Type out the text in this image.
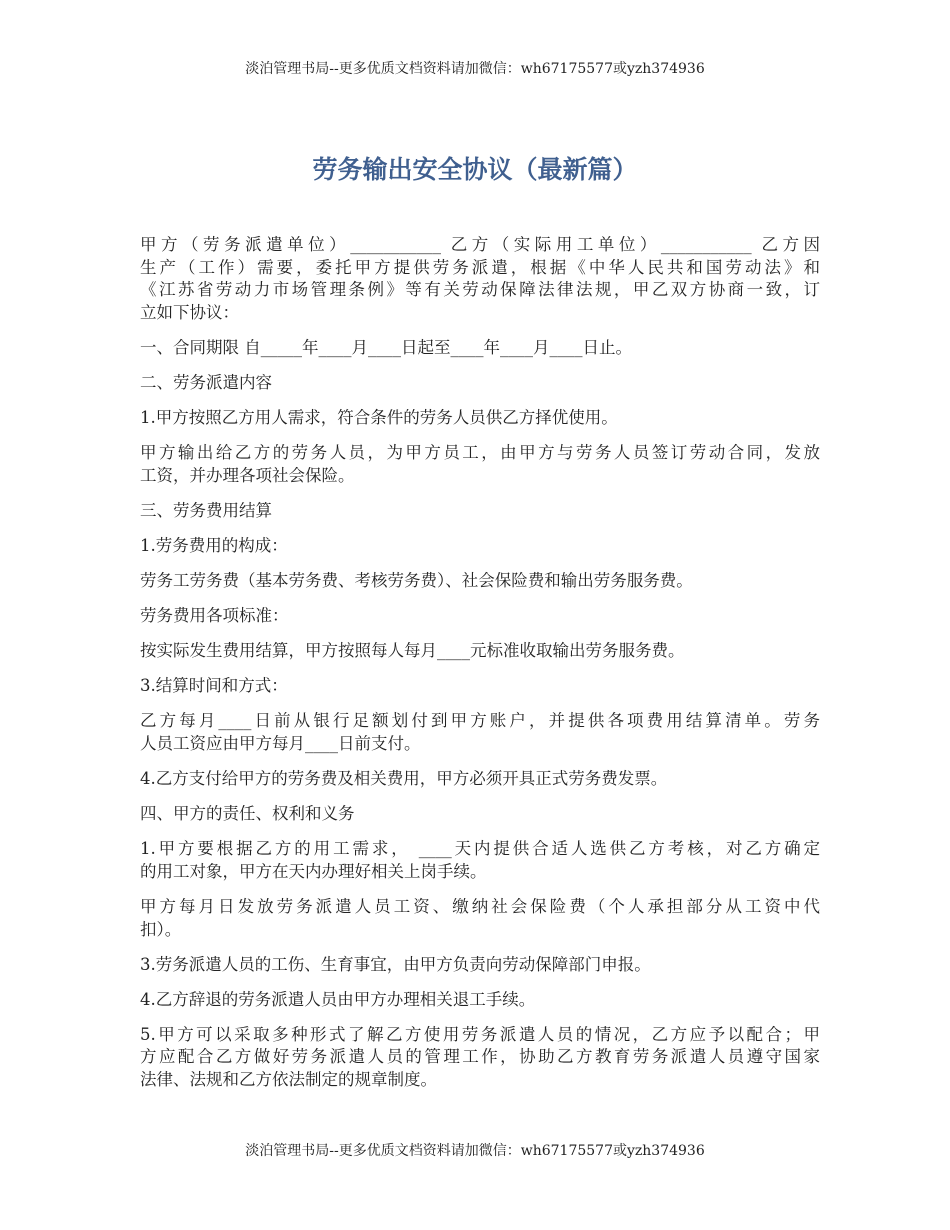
淡泊管理书局--更多优质文档资料请加微信：wh67175577或yzh374936
劳务输出安全协议（最新篇）

甲方（劳务派遣单位）___________ 乙方（实际用工单位）___________ 乙方因
生产（工作）需要，委托甲方提供劳务派遣，根据《中华人民共和国劳动法》和
《江苏省劳动力市场管理条例》等有关劳动保障法律法规，甲乙双方协商一致，订
立如下协议：

一、合同期限 自_____年____月____日起至____年____月____日止。

二、劳务派遣内容

1.甲方按照乙方用人需求，符合条件的劳务人员供乙方择优使用。

甲方输出给乙方的劳务人员，为甲方员工，由甲方与劳务人员签订劳动合同，发放
工资，并办理各项社会保险。

三、劳务费用结算

1.劳务费用的构成：

劳务工劳务费（基本劳务费、考核劳务费）、社会保险费和输出劳务服务费。

劳务费用各项标准：

按实际发生费用结算，甲方按照每人每月____元标准收取输出劳务服务费。

3.结算时间和方式：

乙方每月____日前从银行足额划付到甲方账户，并提供各项费用结算清单。劳务
人员工资应由甲方每月____日前支付。

4.乙方支付给甲方的劳务费及相关费用，甲方必须开具正式劳务费发票。

四、甲方的责任、权利和义务

1.甲方要根据乙方的用工需求， ____天内提供合适人选供乙方考核，对乙方确定
的用工对象，甲方在天内办理好相关上岗手续。

甲方每月日发放劳务派遣人员工资、缴纳社会保险费（个人承担部分从工资中代
扣）。

3.劳务派遣人员的工伤、生育事宜，由甲方负责向劳动保障部门申报。

4.乙方辞退的劳务派遣人员由甲方办理相关退工手续。

5.甲方可以采取多种形式了解乙方使用劳务派遣人员的情况，乙方应予以配合；甲
方应配合乙方做好劳务派遣人员的管理工作，协助乙方教育劳务派遣人员遵守国家
法律、法规和乙方依法制定的规章制度。

淡泊管理书局--更多优质文档资料请加微信：wh67175577或yzh374936
